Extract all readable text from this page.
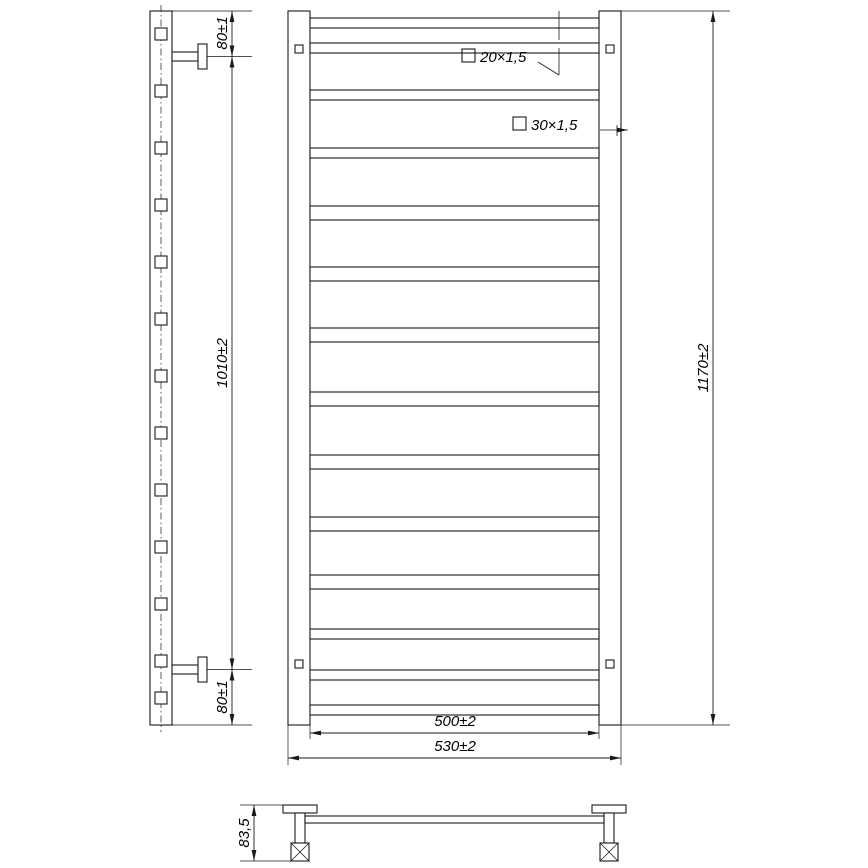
80±1
80±1
1010±2	1170±2
500±2
530±2
83,5
20×1,5
30×1,5
